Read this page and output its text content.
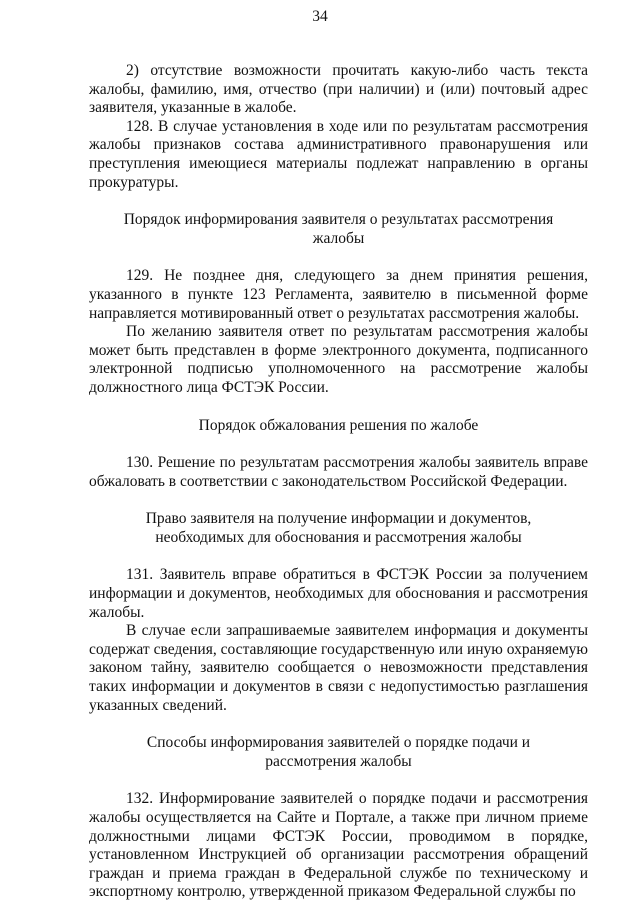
34

2) отсутствие возможности прочитать какую-либо часть текста жалобы, фамилию, имя, отчество (при наличии) и (или) почтовый адрес заявителя, указанные в жалобе.

128. В случае установления в ходе или по результатам рассмотрения жалобы признаков состава административного правонарушения или преступления имеющиеся материалы подлежат направлению в органы прокуратуры.

Порядок информирования заявителя о результатах рассмотрения жалобы

129. Не позднее дня, следующего за днем принятия решения, указанного в пункте 123 Регламента, заявителю в письменной форме направляется мотивированный ответ о результатах рассмотрения жалобы.

По желанию заявителя ответ по результатам рассмотрения жалобы может быть представлен в форме электронного документа, подписанного электронной подписью уполномоченного на рассмотрение жалобы должностного лица ФСТЭК России.

Порядок обжалования решения по жалобе

130. Решение по результатам рассмотрения жалобы заявитель вправе обжаловать в соответствии с законодательством Российской Федерации.

Право заявителя на получение информации и документов, необходимых для обоснования и рассмотрения жалобы

131. Заявитель вправе обратиться в ФСТЭК России за получением информации и документов, необходимых для обоснования и рассмотрения жалобы.

В случае если запрашиваемые заявителем информация и документы содержат сведения, составляющие государственную или иную охраняемую законом тайну, заявителю сообщается о невозможности представления таких информации и документов в связи с недопустимостью разглашения указанных сведений.

Способы информирования заявителей о порядке подачи и рассмотрения жалобы

132. Информирование заявителей о порядке подачи и рассмотрения жалобы осуществляется на Сайте и Портале, а также при личном приеме должностными лицами ФСТЭК России, проводимом в порядке, установленном Инструкцией об организации рассмотрения обращений граждан и приема граждан в Федеральной службе по техническому и экспортному контролю, утвержденной приказом Федеральной службы по
